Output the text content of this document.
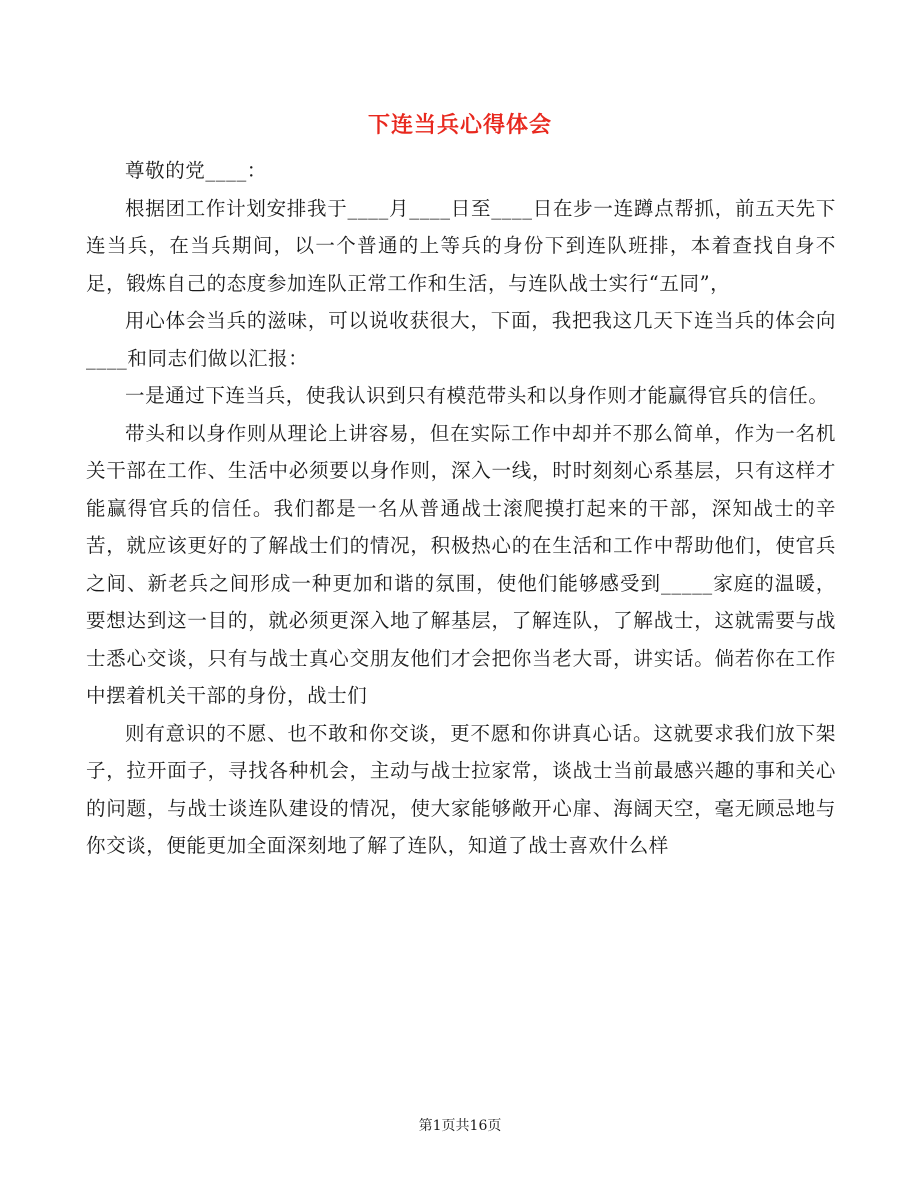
下连当兵心得体会

尊敬的党____：

根据团工作计划安排我于____月____日至____日在步一连蹲点帮抓，前五天先下连当兵，在当兵期间，以一个普通的上等兵的身份下到连队班排，本着查找自身不足，锻炼自己的态度参加连队正常工作和生活，与连队战士实行“五同”，

用心体会当兵的滋味，可以说收获很大，下面，我把我这几天下连当兵的体会向____和同志们做以汇报：

一是通过下连当兵，使我认识到只有模范带头和以身作则才能赢得官兵的信任。

带头和以身作则从理论上讲容易，但在实际工作中却并不那么简单，作为一名机关干部在工作、生活中必须要以身作则，深入一线，时时刻刻心系基层，只有这样才能赢得官兵的信任。我们都是一名从普通战士滚爬摸打起来的干部，深知战士的辛苦，就应该更好的了解战士们的情况，积极热心的在生活和工作中帮助他们，使官兵之间、新老兵之间形成一种更加和谐的氛围，使他们能够感受到_____家庭的温暖，要想达到这一目的，就必须更深入地了解基层，了解连队，了解战士，这就需要与战士悉心交谈，只有与战士真心交朋友他们才会把你当老大哥，讲实话。倘若你在工作中摆着机关干部的身份，战士们

则有意识的不愿、也不敢和你交谈，更不愿和你讲真心话。这就要求我们放下架子，拉开面子，寻找各种机会，主动与战士拉家常，谈战士当前最感兴趣的事和关心的问题，与战士谈连队建设的情况，使大家能够敞开心扉、海阔天空，毫无顾忌地与你交谈，便能更加全面深刻地了解了连队，知道了战士喜欢什么样

第1页共16页
